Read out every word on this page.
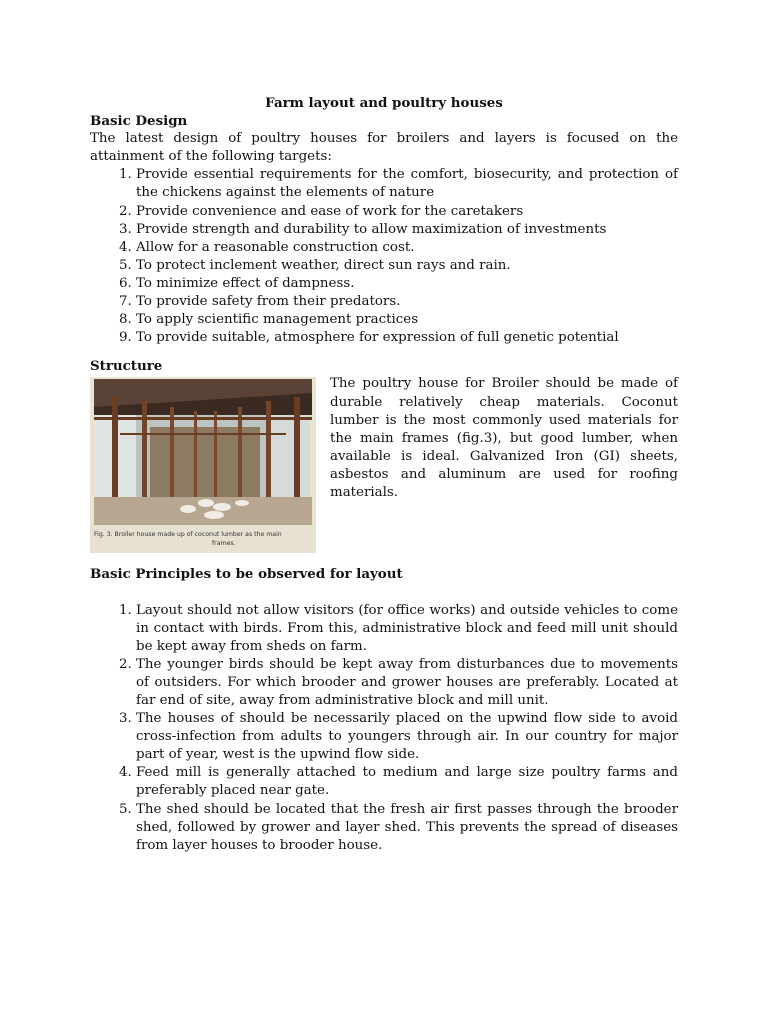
Farm layout and poultry houses

Basic Design

The latest design of poultry houses for broilers and layers is focused on the attainment of the following targets:

1. Provide essential requirements for the comfort, biosecurity, and protection of the chickens against the elements of nature
2. Provide convenience and ease of work for the caretakers
3. Provide strength and durability to allow maximization of investments
4. Allow for a reasonable construction cost.
5. To protect inclement weather, direct sun rays and rain.
6. To minimize effect of dampness.
7. To provide safety from their predators.
8. To apply scientific management practices
9. To provide suitable, atmosphere for expression of full genetic potential
Structure
Fig. 3. Broiler house made up of coconut lumber as the main
frames.

The poultry house for Broiler should be made of durable relatively cheap materials. Coconut lumber is the most commonly used materials for the main frames (fig.3), but good lumber, when available is ideal. Galvanized Iron (GI) sheets, asbestos and aluminum are used for roofing materials.

Basic Principles to be observed for layout
1. Layout should not allow visitors (for office works) and outside vehicles to come in contact with birds. From this, administrative block and feed mill unit should be kept away from sheds on farm.
2. The younger birds should be kept away from disturbances due to movements of outsiders. For which brooder and grower houses are preferably. Located at far end of site, away from administrative block and mill unit.
3. The houses of should be necessarily placed on the upwind flow side to avoid cross-infection from adults to youngers through air. In our country for major part of year, west is the upwind flow side.
4. Feed mill is generally attached to medium and large size poultry farms and preferably placed near gate.
5. The shed should be located that the fresh air first passes through the brooder shed, followed by grower and layer shed. This prevents the spread of diseases from layer houses to brooder house.
